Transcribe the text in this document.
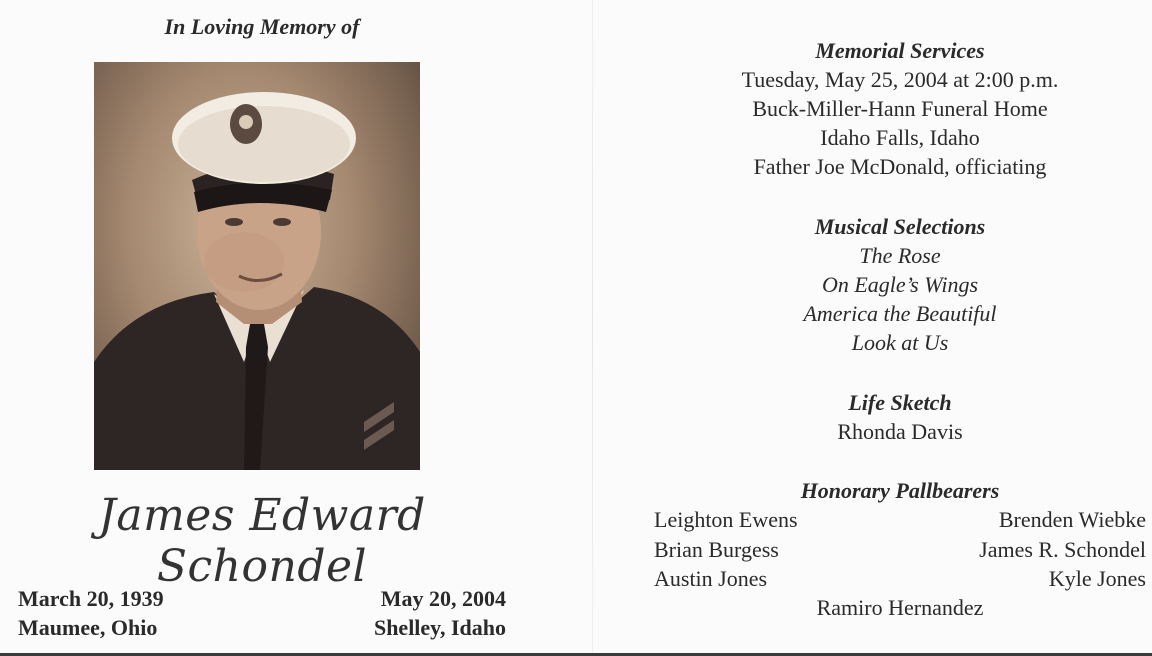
In Loving Memory of
James Edward Schondel
March 20, 1939
Maumee, Ohio
May 20, 2004
Shelley, Idaho

Memorial Services

Tuesday, May 25, 2004 at 2:00 p.m.

Buck-Miller-Hann Funeral Home

Idaho Falls, Idaho

Father Joe McDonald, officiating

Musical Selections

The Rose

On Eagle’s Wings

America the Beautiful

Look at Us

Life Sketch

Rhonda Davis

Honorary Pallbearers

Leighton Ewens
Brian Burgess
Austin Jones
Brenden Wiebke
James R. Schondel
Kyle Jones
Ramiro Hernandez
